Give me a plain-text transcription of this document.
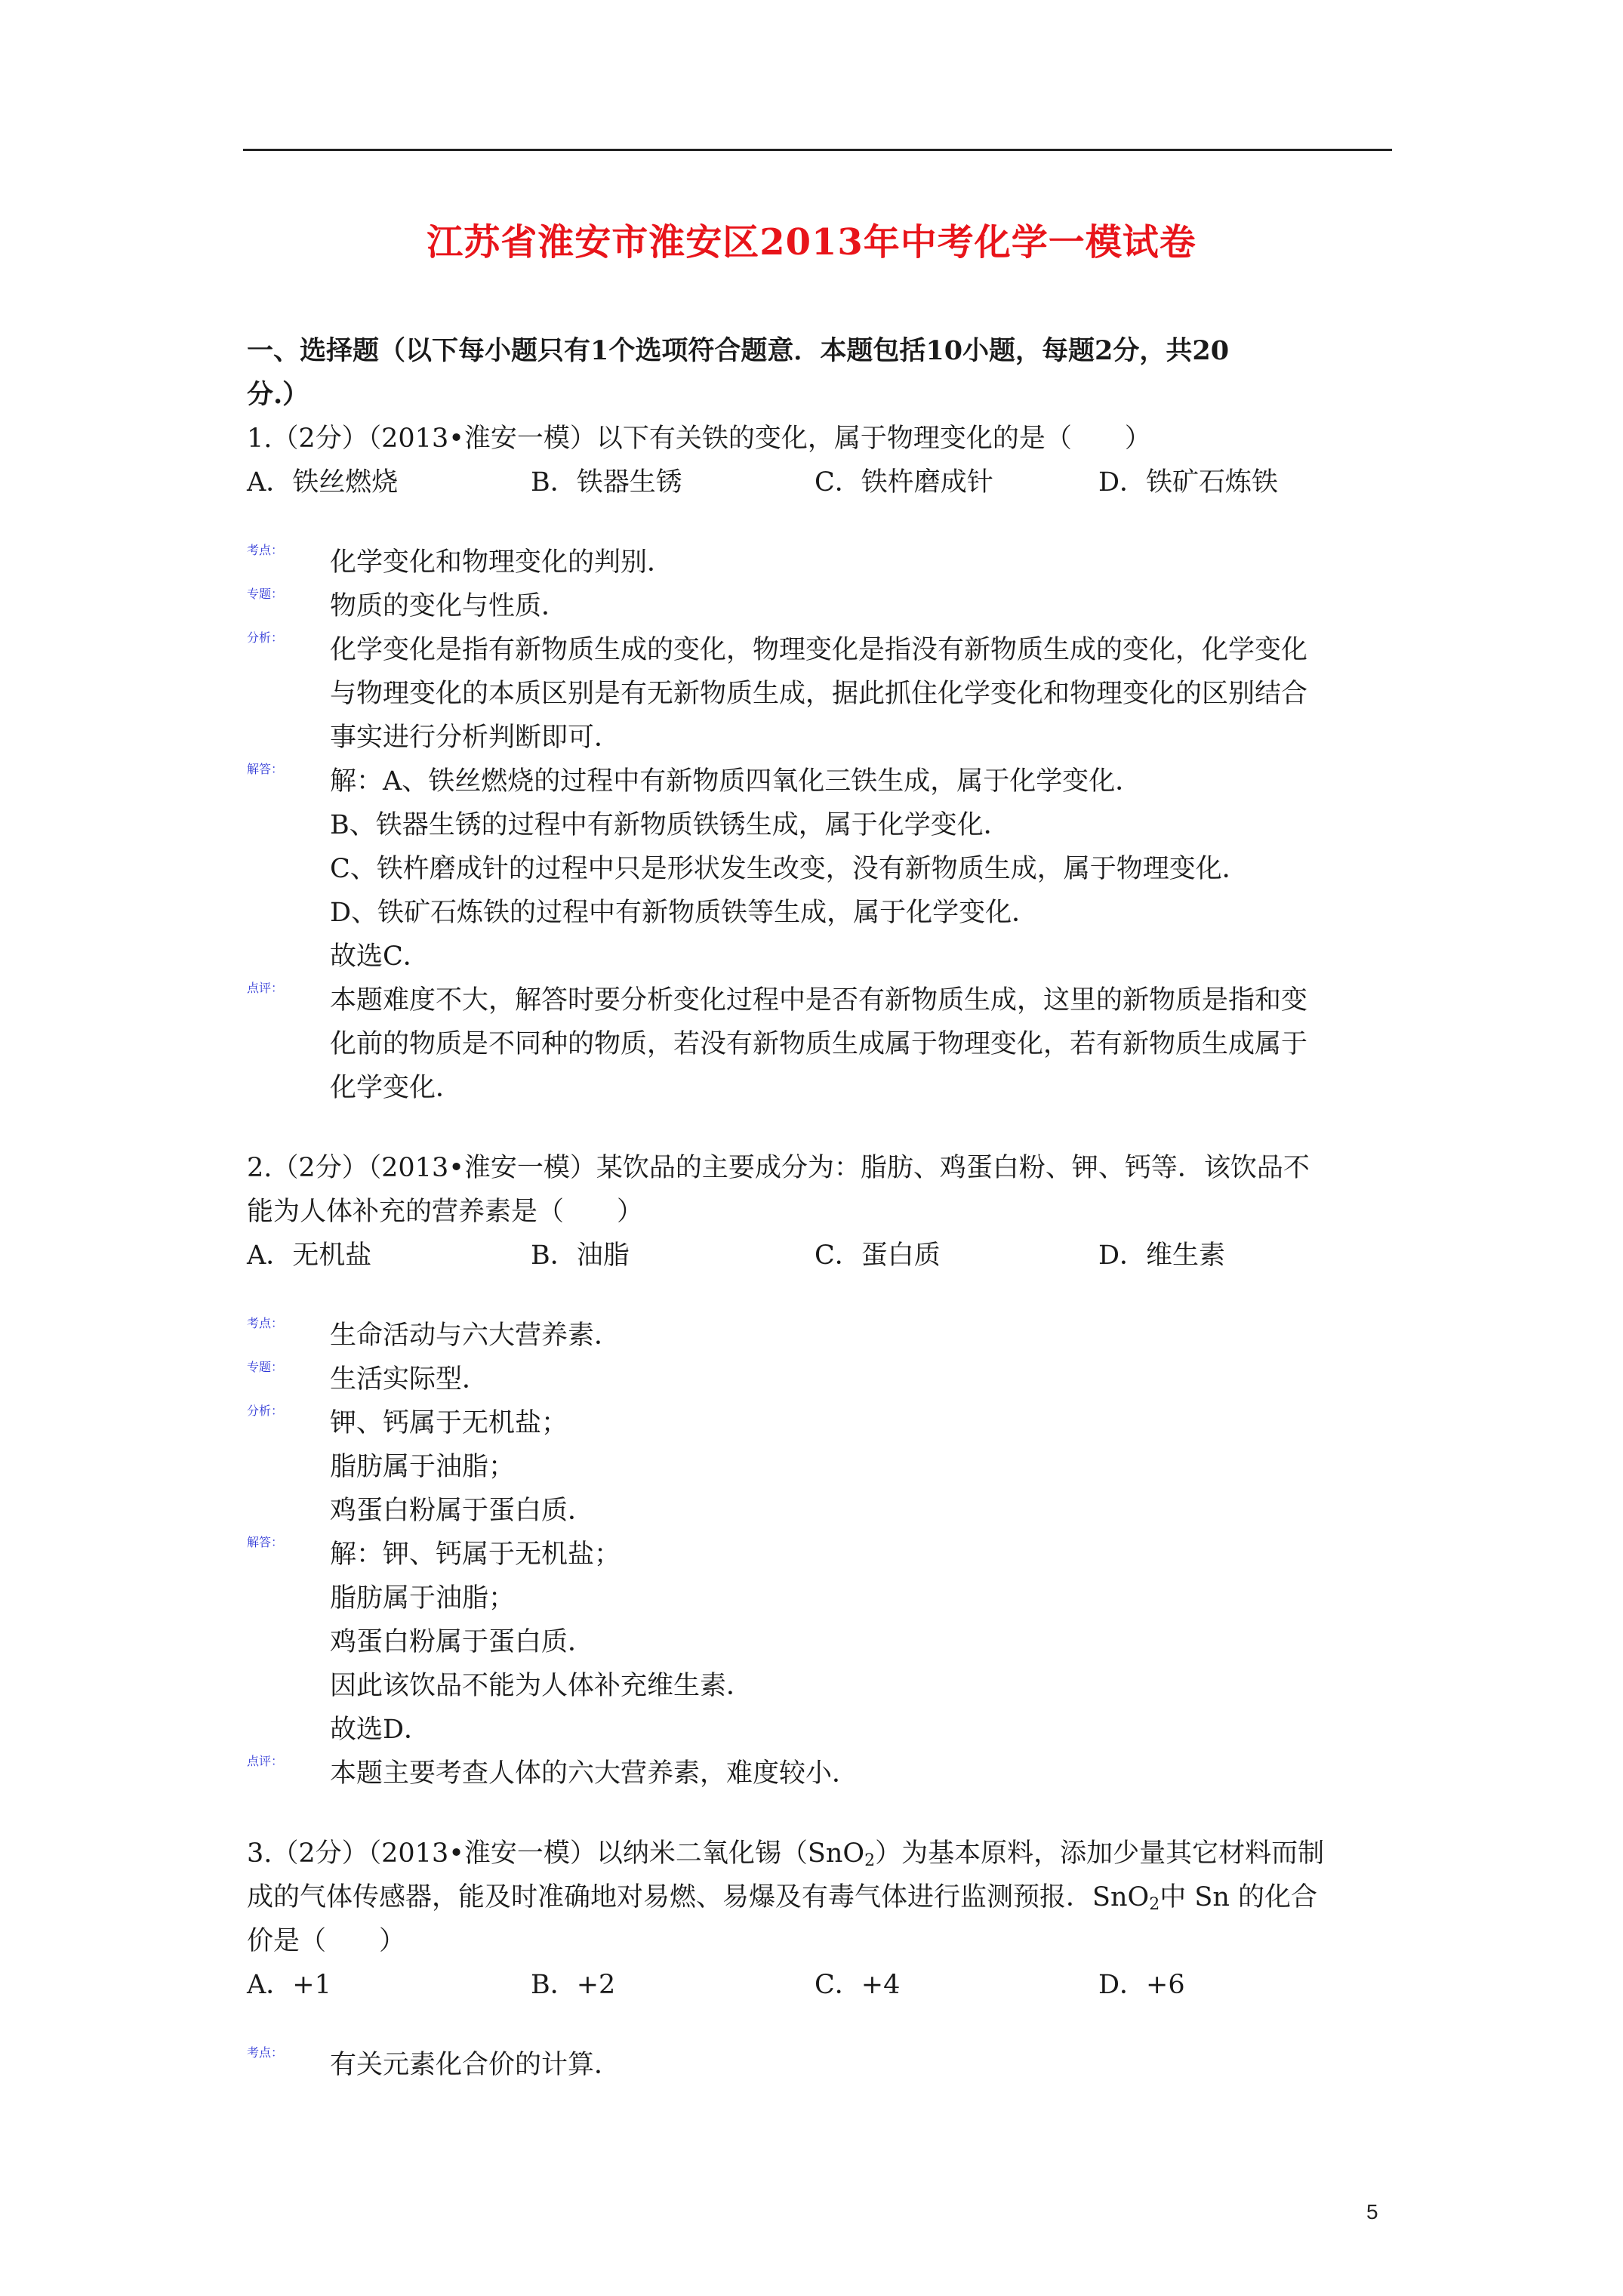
江苏省淮安市淮安区2013年中考化学一模试卷
一、选择题（以下每小题只有1个选项符合题意．本题包括10小题，每题2分，共20
分.）
1.（2分）（2013•淮安一模）以下有关铁的变化，属于物理变化的是（　　）
A．铁丝燃烧	B．铁器生锈	C．铁杵磨成针	D．铁矿石炼铁
考点：	化学变化和物理变化的判别．
专题：	物质的变化与性质．
分析：	化学变化是指有新物质生成的变化，物理变化是指没有新物质生成的变化，化学变化
与物理变化的本质区别是有无新物质生成，据此抓住化学变化和物理变化的区别结合
事实进行分析判断即可．
解答：	解：A、铁丝燃烧的过程中有新物质四氧化三铁生成，属于化学变化．
B、铁器生锈的过程中有新物质铁锈生成，属于化学变化．
C、铁杵磨成针的过程中只是形状发生改变，没有新物质生成，属于物理变化．
D、铁矿石炼铁的过程中有新物质铁等生成，属于化学变化．
故选C．
点评：	本题难度不大，解答时要分析变化过程中是否有新物质生成，这里的新物质是指和变
化前的物质是不同种的物质，若没有新物质生成属于物理变化，若有新物质生成属于
化学变化．
2.（2分）（2013•淮安一模）某饮品的主要成分为：脂肪、鸡蛋白粉、钾、钙等．该饮品不
能为人体补充的营养素是（　　）
A．无机盐	B．油脂	C．蛋白质	D．维生素
考点：	生命活动与六大营养素．
专题：	生活实际型．
分析：	钾、钙属于无机盐；
脂肪属于油脂；
鸡蛋白粉属于蛋白质．
解答：	解：钾、钙属于无机盐；
脂肪属于油脂；
鸡蛋白粉属于蛋白质．
因此该饮品不能为人体补充维生素．
故选D．
点评：	本题主要考查人体的六大营养素，难度较小．
3.（2分）（2013•淮安一模）以纳米二氧化锡（SnO$_2$）为基本原料，添加少量其它材料而制
成的气体传感器，能及时准确地对易燃、易爆及有毒气体进行监测预报．SnO$_2$中 Sn 的化合
价是（　　）
A．+1	B．+2	C．+4	D．+6
考点：	有关元素化合价的计算．
5
